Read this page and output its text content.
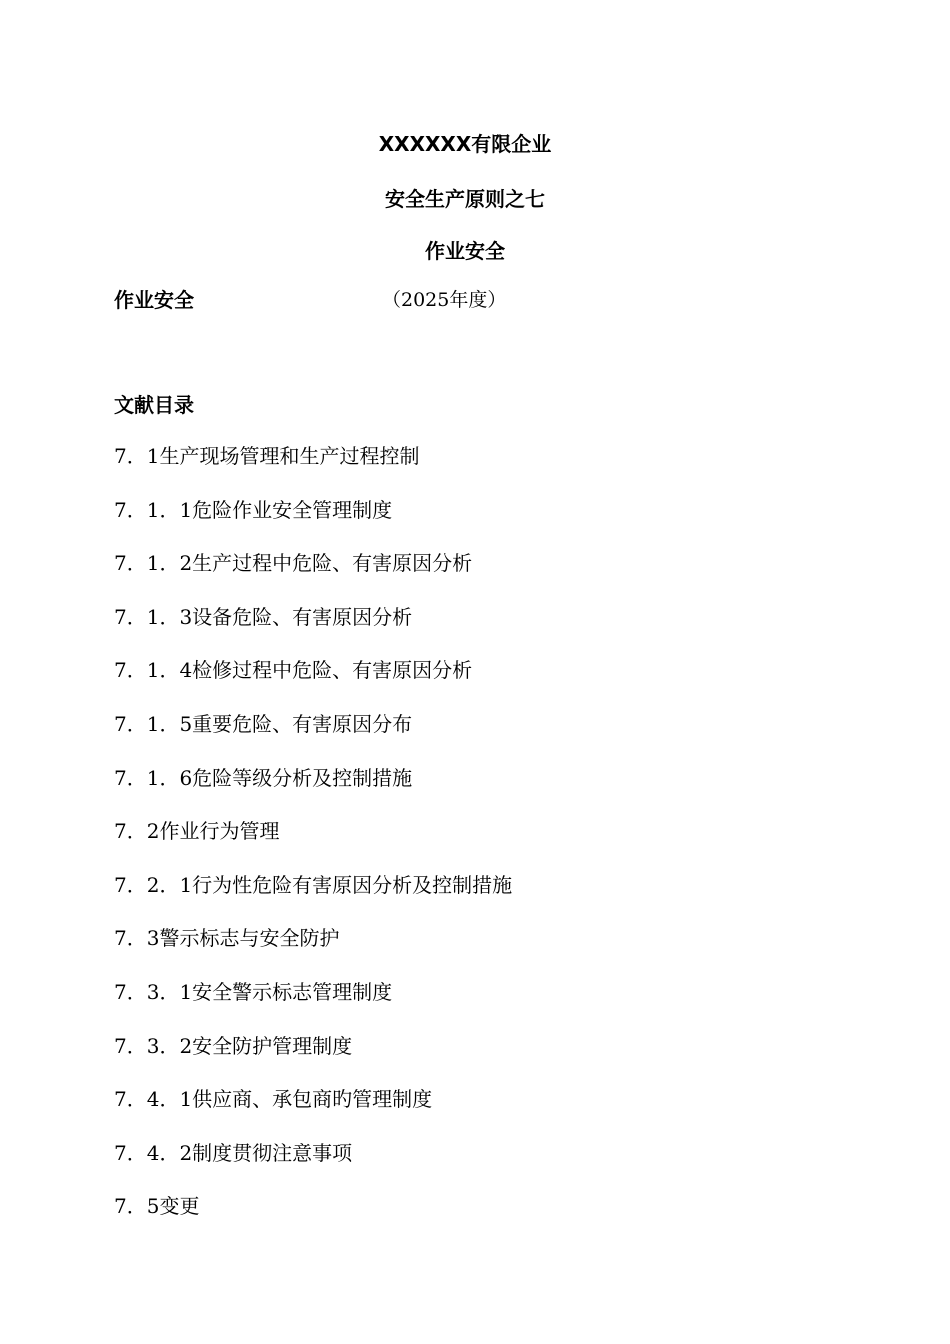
XXXXXX有限企业
安全生产原则之七
作业安全
作业安全	（2025年度）
文献目录
7．1生产现场管理和生产过程控制
7．1．1危险作业安全管理制度
7．1．2生产过程中危险、有害原因分析
7．1．3设备危险、有害原因分析
7．1．4检修过程中危险、有害原因分析
7．1．5重要危险、有害原因分布
7．1．6危险等级分析及控制措施
7．2作业行为管理
7．2．1行为性危险有害原因分析及控制措施
7．3警示标志与安全防护
7．3．1安全警示标志管理制度
7．3．2安全防护管理制度
7．4．1供应商、承包商旳管理制度
7．4．2制度贯彻注意事项
7．5变更
